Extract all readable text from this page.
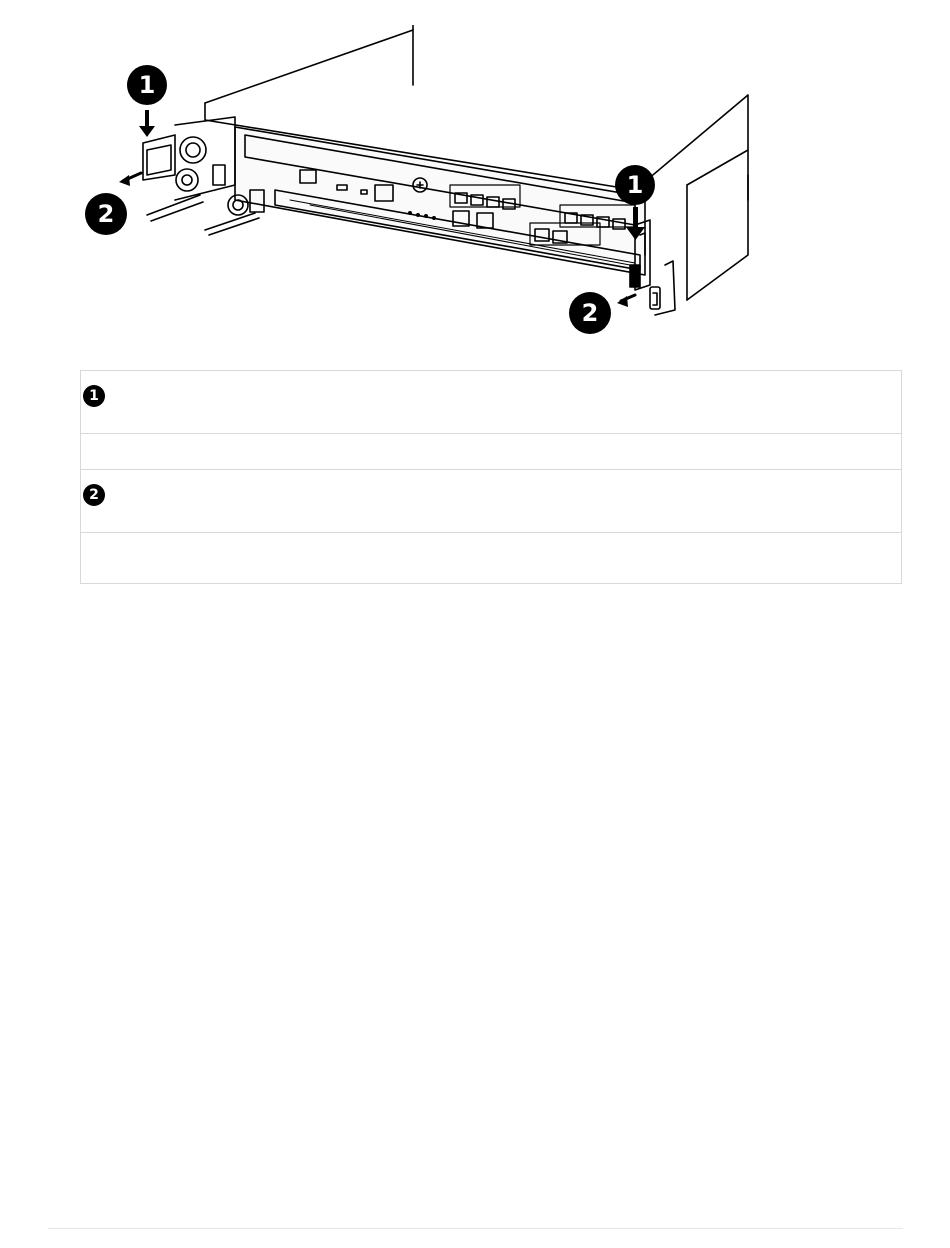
1
2
1
2
1

2
